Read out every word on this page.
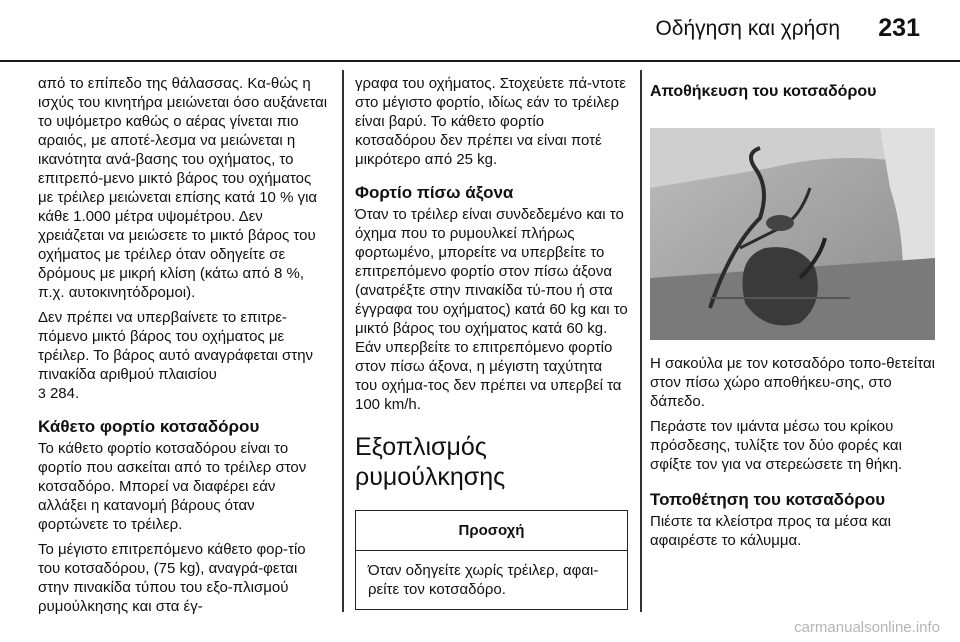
Οδήγηση και χρήση 231

από το επίπεδο της θάλασσας. Κα-θώς η ισχύς του κινητήρα μειώνεται όσο αυξάνεται το υψόμετρο καθώς ο αέρας γίνεται πιο αραιός, με αποτέ-λεσμα να μειώνεται η ικανότητα ανά-βασης του οχήματος, το επιτρεπό-μενο μικτό βάρος του οχήματος με τρέιλερ μειώνεται επίσης κατά 10 % για κάθε 1.000 μέτρα υψομέτρου. Δεν χρειάζεται να μειώσετε το μικτό βάρος του οχήματος με τρέιλερ όταν οδηγείτε σε δρόμους με μικρή κλίση (κάτω από 8 %, π.χ. αυτοκινητόδρομοι).

Δεν πρέπει να υπερβαίνετε το επιτρε-πόμενο μικτό βάρος του οχήματος με τρέιλερ. Το βάρος αυτό αναγράφεται στην πινακίδα αριθμού πλαισίου
3 284.

Κάθετο φορτίο κοτσαδόρου

Το κάθετο φορτίο κοτσαδόρου είναι το φορτίο που ασκείται από το τρέιλερ στον κοτσαδόρο. Μπορεί να διαφέρει εάν αλλάξει η κατανομή βάρους όταν φορτώνετε το τρέιλερ.

Το μέγιστο επιτρεπόμενο κάθετο φορ-τίο του κοτσαδόρου, (75 kg), αναγρά-φεται στην πινακίδα τύπου του εξο-πλισμού ρυμούλκησης και στα έγ-

γραφα του οχήματος. Στοχεύετε πά-ντοτε στο μέγιστο φορτίο, ιδίως εάν το τρέιλερ είναι βαρύ. Το κάθετο φορτίο κοτσαδόρου δεν πρέπει να είναι ποτέ μικρότερο από 25 kg.

Φορτίο πίσω άξονα

Όταν το τρέιλερ είναι συνδεδεμένο και το όχημα που το ρυμουλκεί πλήρως φορτωμένο, μπορείτε να υπερβείτε το επιτρεπόμενο φορτίο στον πίσω άξονα (ανατρέξτε στην πινακίδα τύ-που ή στα έγγραφα του οχήματος) κατά 60 kg και το μικτό βάρος του οχήματος κατά 60 kg. Εάν υπερβείτε το επιτρεπόμενο φορτίο στον πίσω άξονα, η μέγιστη ταχύτητα του οχήμα-τος δεν πρέπει να υπερβεί τα 100 km/h.

Εξοπλισμός ρυμούλκησης
Προσοχή
Όταν οδηγείτε χωρίς τρέιλερ, αφαι-ρείτε τον κοτσαδόρο.
Αποθήκευση του κοτσαδόρου

Η σακούλα με τον κοτσαδόρο τοπο-θετείται στον πίσω χώρο αποθήκευ-σης, στο δάπεδο.

Περάστε τον ιμάντα μέσω του κρίκου πρόσδεσης, τυλίξτε τον δύο φορές και σφίξτε τον για να στερεώσετε τη θήκη.

Τοποθέτηση του κοτσαδόρου

Πιέστε τα κλείστρα προς τα μέσα και αφαιρέστε το κάλυμμα.

carmanualsonline.info
